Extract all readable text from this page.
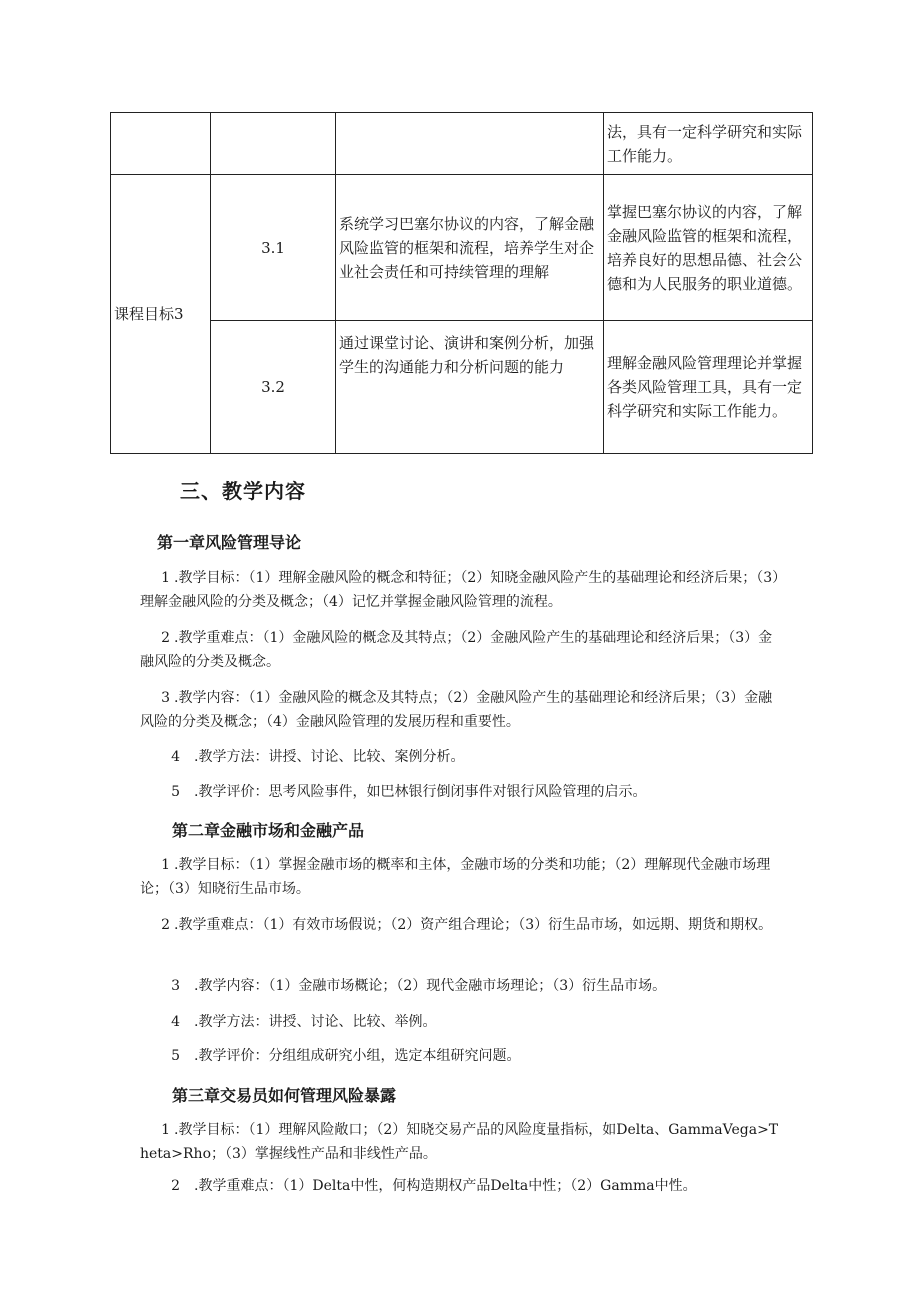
			法，具有一定科学研究和实际工作能力。
课程目标3	3.1	系统学习巴塞尔协议的内容，了解金融风险监管的框架和流程，培养学生对企业社会责任和可持续管理的理解	掌握巴塞尔协议的内容，了解金融风险监管的框架和流程，培养良好的思想品德、社会公德和为人民服务的职业道德。
	3.2	通过课堂讨论、演讲和案例分析，加强学生的沟通能力和分析问题的能力	理解金融风险管理理论并掌握各类风险管理工具，具有一定科学研究和实际工作能力。
三、教学内容
第一章风险管理导论
1 .教学目标：（1）理解金融风险的概念和特征；（2）知晓金融风险产生的基础理论和经济后果；（3）理解金融风险的分类及概念；（4）记忆并掌握金融风险管理的流程。
2 .教学重难点：（1）金融风险的概念及其特点；（2）金融风险产生的基础理论和经济后果；（3）金融风险的分类及概念。
3 .教学内容：（1）金融风险的概念及其特点；（2）金融风险产生的基础理论和经济后果；（3）金融风险的分类及概念；（4）金融风险管理的发展历程和重要性。
4 .教学方法：讲授、讨论、比较、案例分析。
5 .教学评价：思考风险事件，如巴林银行倒闭事件对银行风险管理的启示。
第二章金融市场和金融产品
1 .教学目标：（1）掌握金融市场的概率和主体，金融市场的分类和功能；（2）理解现代金融市场理论；（3）知晓衍生品市场。
2 .教学重难点：（1）有效市场假说；（2）资产组合理论；（3）衍生品市场，如远期、期货和期权。
3 .教学内容：（1）金融市场概论；（2）现代金融市场理论；（3）衍生品市场。
4 .教学方法：讲授、讨论、比较、举例。
5 .教学评价：分组组成研究小组，选定本组研究问题。
第三章交易员如何管理风险暴露
1 .教学目标：（1）理解风险敞口；（2）知晓交易产品的风险度量指标，如Delta、GammaVega>Theta>Rho；（3）掌握线性产品和非线性产品。
2 .教学重难点：（1）Delta中性，何构造期权产品Delta中性；（2）Gamma中性。
